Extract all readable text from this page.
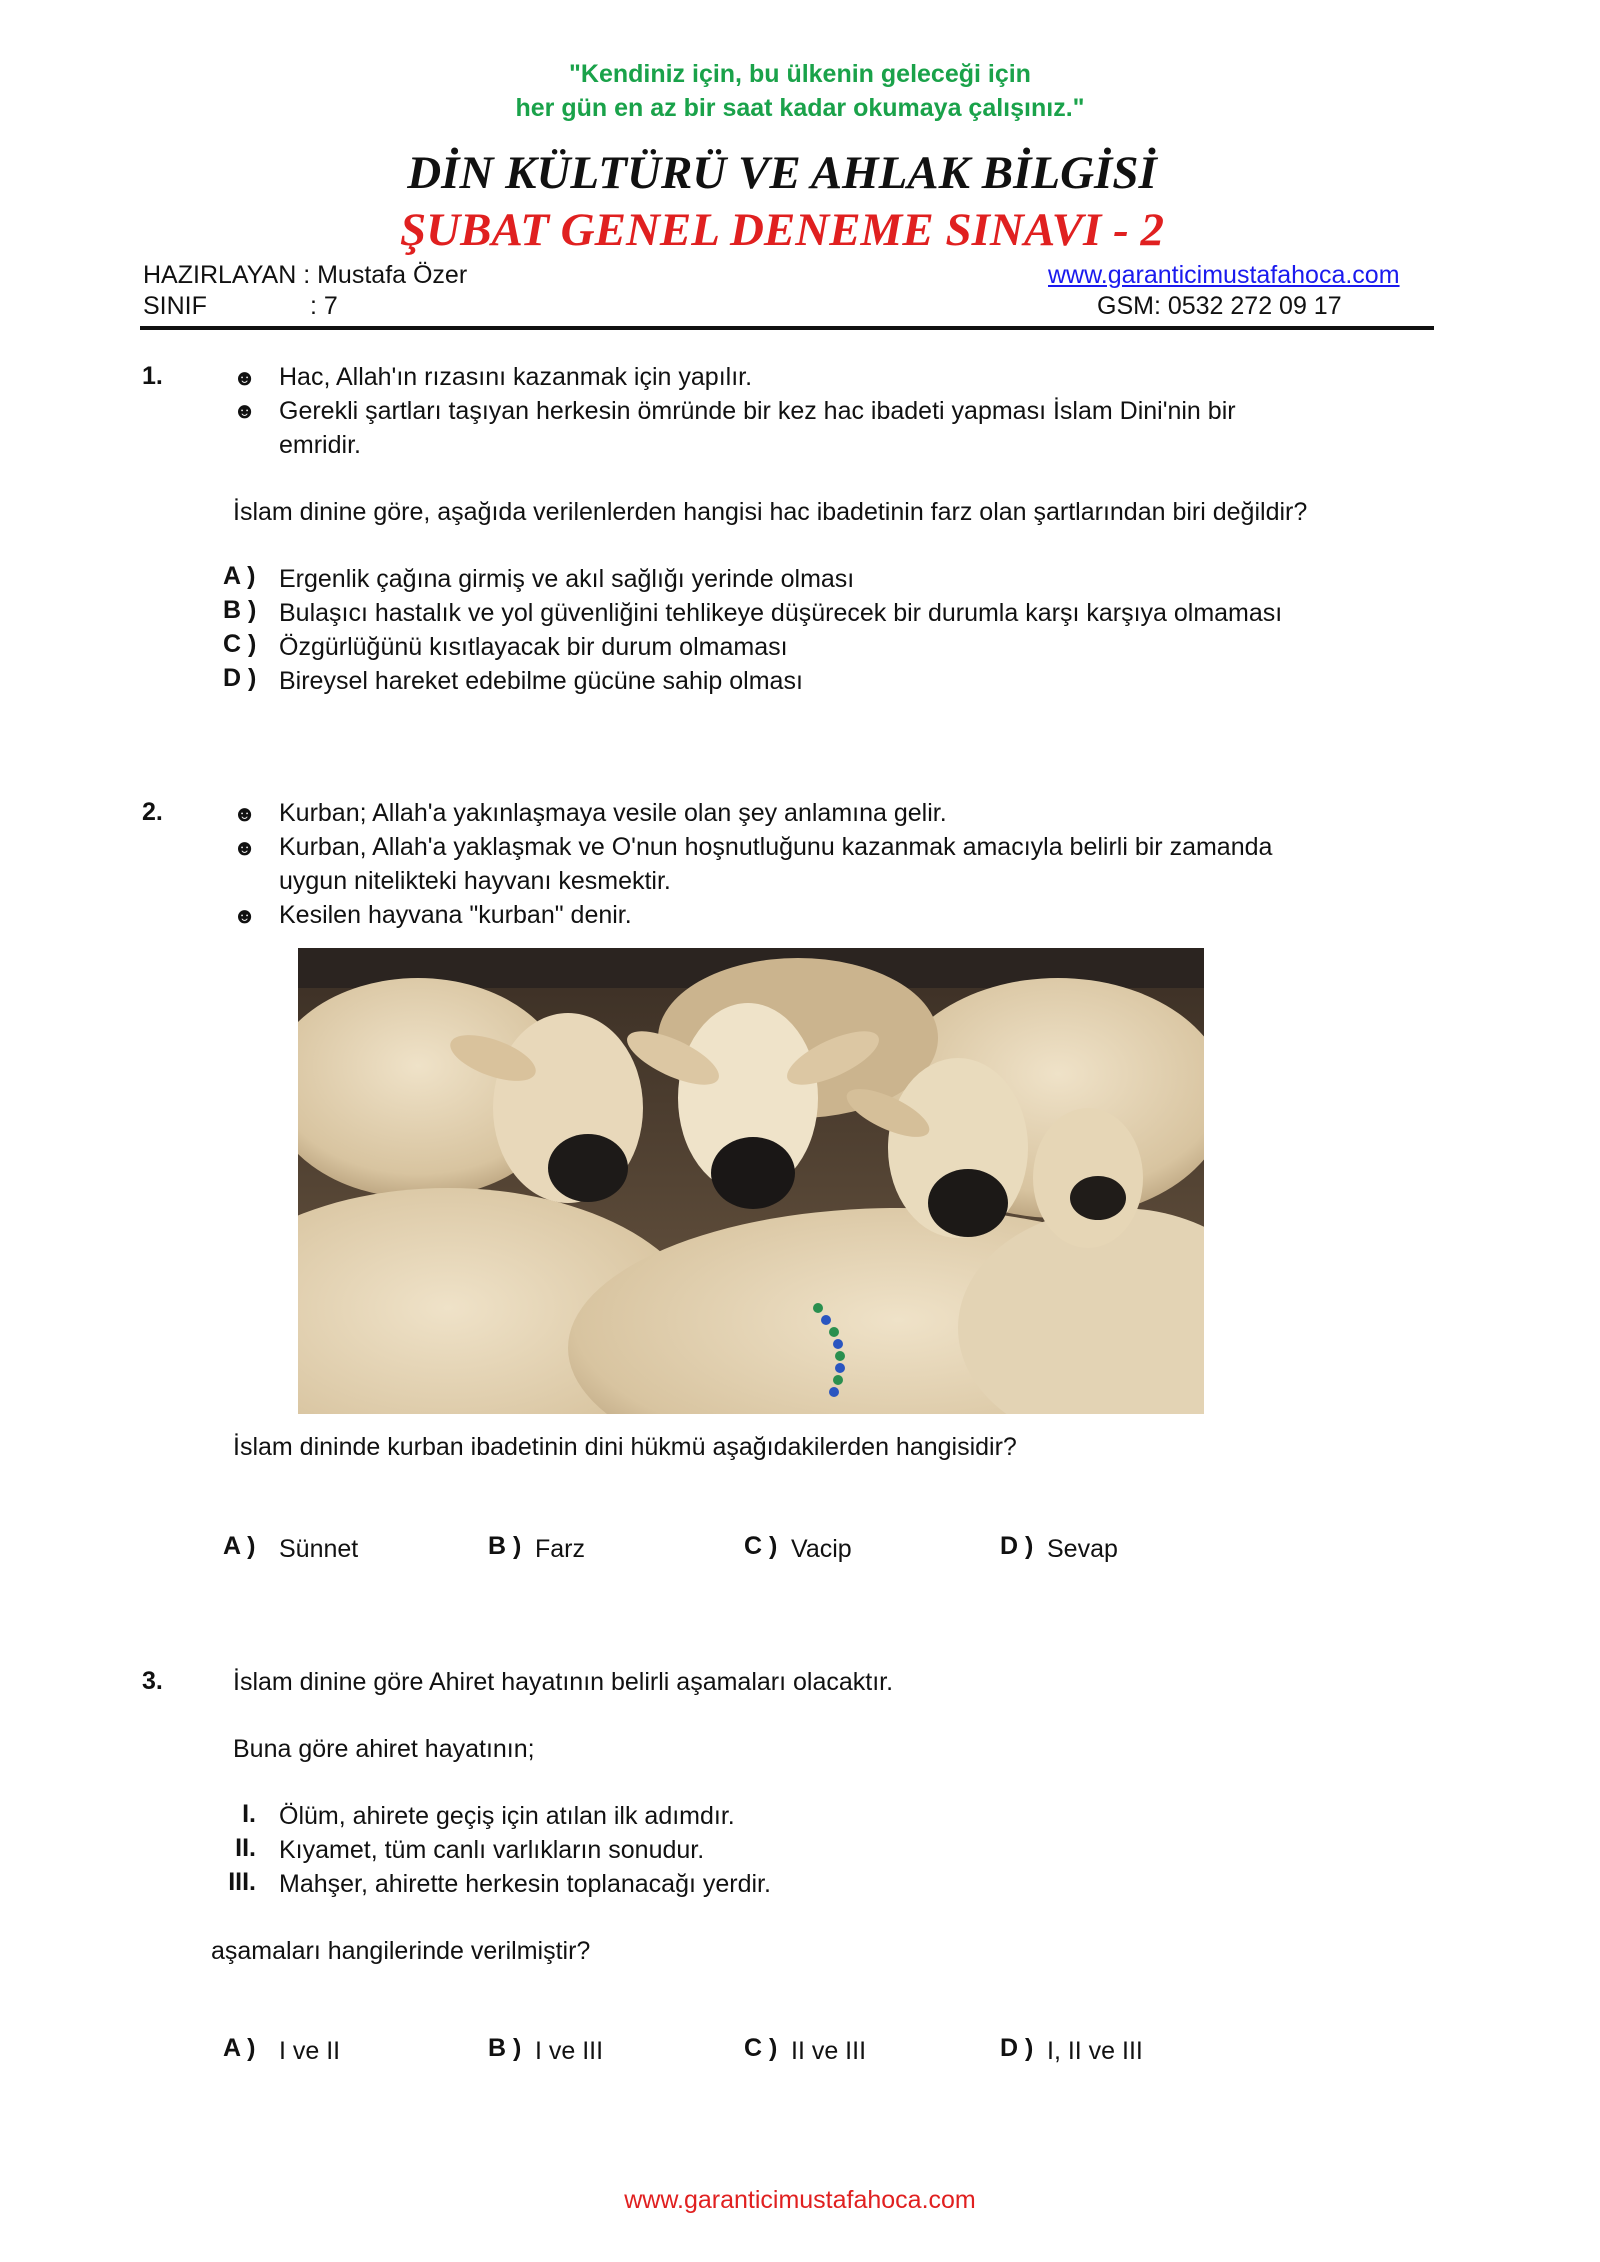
"Kendiniz için, bu ülkenin geleceği için
her gün en az bir saat kadar okumaya çalışınız."
DİN KÜLTÜRÜ VE AHLAK BİLGİSİ
ŞUBAT GENEL DENEME SINAVI - 2
HAZIRLAYAN : Mustafa Özer
SINIF	: 7
www.garanticimustafahoca.com
GSM: 0532 272 09 17
1.	☻ Hac, Allah'ın rızasını kazanmak için yapılır.
☻ Gerekli şartları taşıyan herkesin ömründe bir kez hac ibadeti yapması İslam Dini'nin bir
emridir.
İslam dinine göre, aşağıda verilenlerden hangisi hac ibadetinin farz olan şartlarından biri değildir?
A ) Ergenlik çağına girmiş ve akıl sağlığı yerinde olması
B ) Bulaşıcı hastalık ve yol güvenliğini tehlikeye düşürecek bir durumla karşı karşıya olmaması
C ) Özgürlüğünü kısıtlayacak bir durum olmaması
D ) Bireysel hareket edebilme gücüne sahip olması
2.	☻ Kurban; Allah'a yakınlaşmaya vesile olan şey anlamına gelir.
☻ Kurban, Allah'a yaklaşmak ve O'nun hoşnutluğunu kazanmak amacıyla belirli bir zamanda
uygun nitelikteki hayvanı kesmektir.
☻ Kesilen hayvana "kurban" denir.
İslam dininde kurban ibadetinin dini hükmü aşağıdakilerden hangisidir?
A ) Sünnet	B ) Farz	C ) Vacip	D ) Sevap
3.	İslam dinine göre Ahiret hayatının belirli aşamaları olacaktır.
Buna göre ahiret hayatının;
I. Ölüm, ahirete geçiş için atılan ilk adımdır.
II. Kıyamet, tüm canlı varlıkların sonudur.
III. Mahşer, ahirette herkesin toplanacağı yerdir.
aşamaları hangilerinde verilmiştir?
A ) I ve II	B ) I ve III	C ) II ve III	D ) I, II ve III
www.garanticimustafahoca.com
